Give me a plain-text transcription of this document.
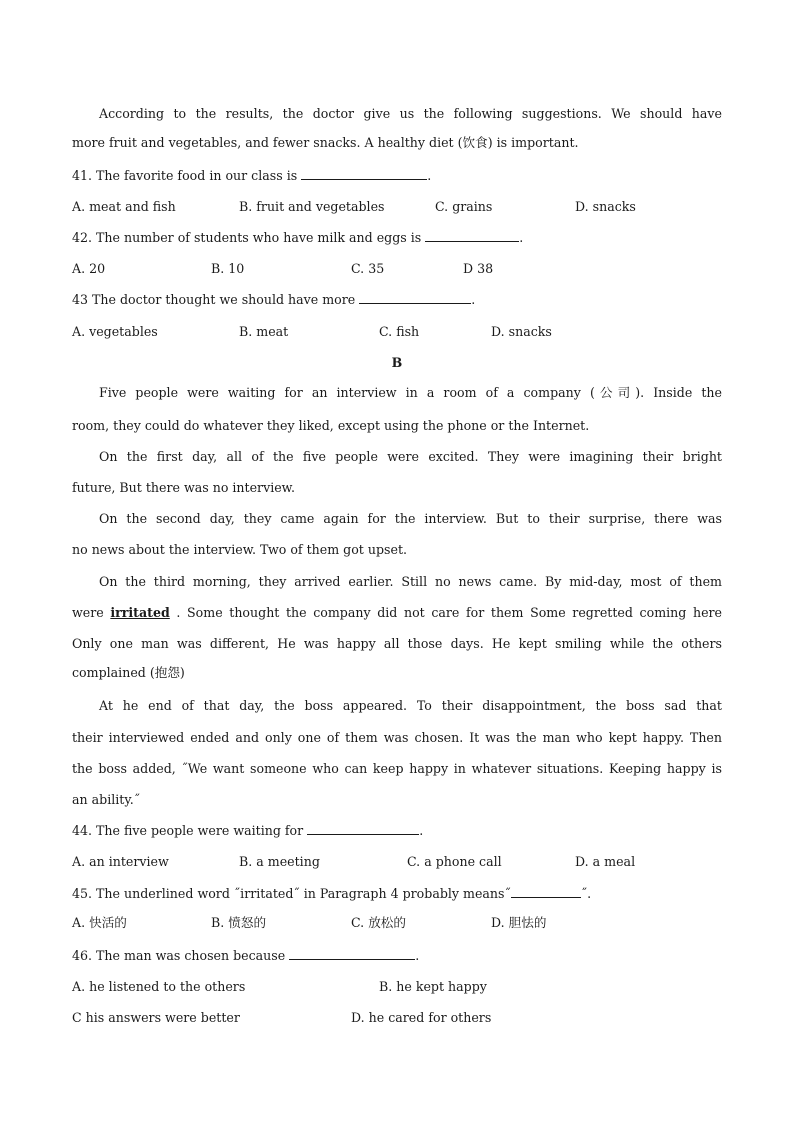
According to the results, the doctor give us the following suggestions. We should have
more fruit and vegetables, and fewer snacks. A healthy diet (饮食) is important.
41. The favorite food in our class is	.
A. meat and fish	B. fruit and vegetables	C. grains	D. snacks
42. The number of students who have milk and eggs is	.
A. 20	B. 10	C. 35	D 38
43 The doctor thought we should have more	.
A. vegetables	B. meat	C. fish	D. snacks
B
Five people were waiting for an interview in a room of a company (公司). Inside the
room, they could do whatever they liked, except using the phone or the Internet.
On the first day, all of the five people were excited. They were imagining their bright
future, But there was no interview.
On the second day, they came again for the interview. But to their surprise, there was
no news about the interview. Two of them got upset.
On the third morning, they arrived earlier. Still no news came. By mid-day, most of them
were irritated . Some thought the company did not care for them Some regretted coming here
Only one man was different, He was happy all those days. He kept smiling while the others
complained (抱怨)
At he end of that day, the boss appeared. To their disappointment, the boss sad that
their interviewed ended and only one of them was chosen. It was the man who kept happy. Then
the boss added, ˝We want someone who can keep happy in whatever situations. Keeping happy is
an ability.˝
44. The five people were waiting for	.
A. an interview	B. a meeting	C. a phone call	D. a meal
45. The underlined word ˝irritated˝ in Paragraph 4 probably means˝	˝.
A. 快活的	B. 愤怒的	C. 放松的	D. 胆怯的
46. The man was chosen because	.
A. he listened to the others	B. he kept happy
C his answers were better	D. he cared for others
